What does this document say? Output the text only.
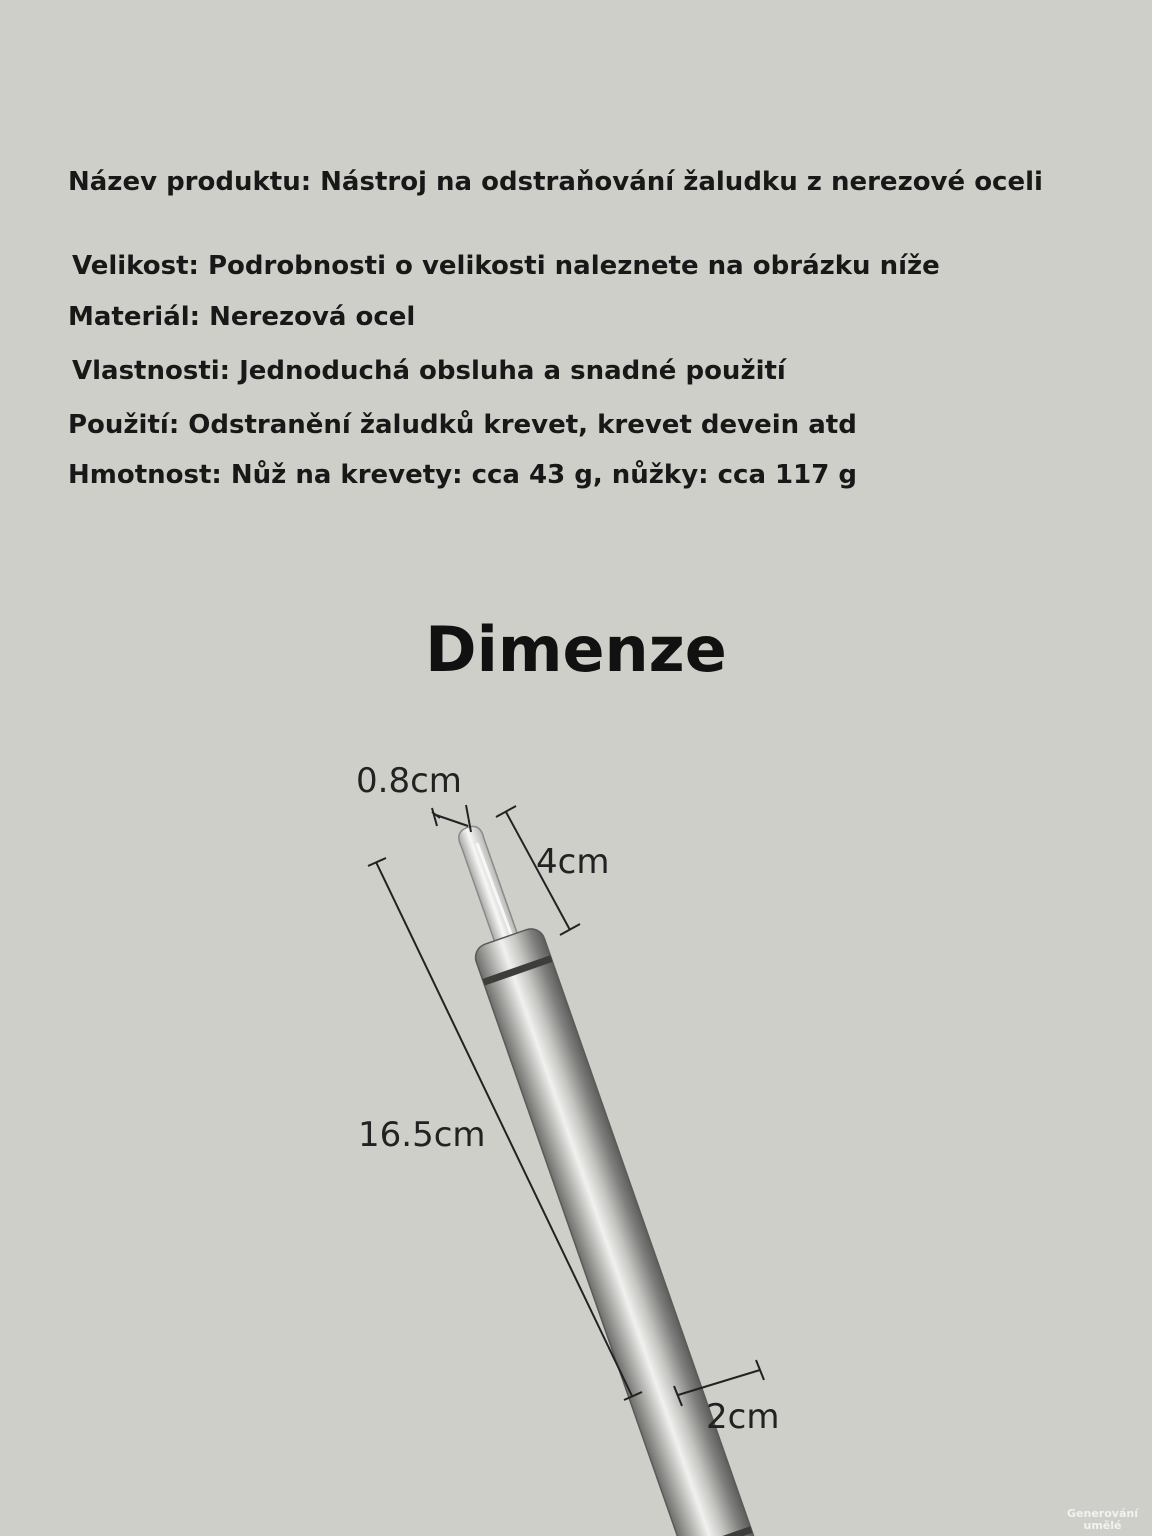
Název produktu: Nástroj na odstraňování žaludku z nerezové oceli

Velikost: Podrobnosti o velikosti naleznete na obrázku níže

Materiál: Nerezová ocel

Vlastnosti: Jednoduchá obsluha a snadné použití

Použití: Odstranění žaludků krevet, krevet devein atd

Hmotnost: Nůž na krevety: cca 43 g, nůžky: cca 117 g

Dimenze
0.8cm
4cm
16.5cm
2cm
Generování
umělé
